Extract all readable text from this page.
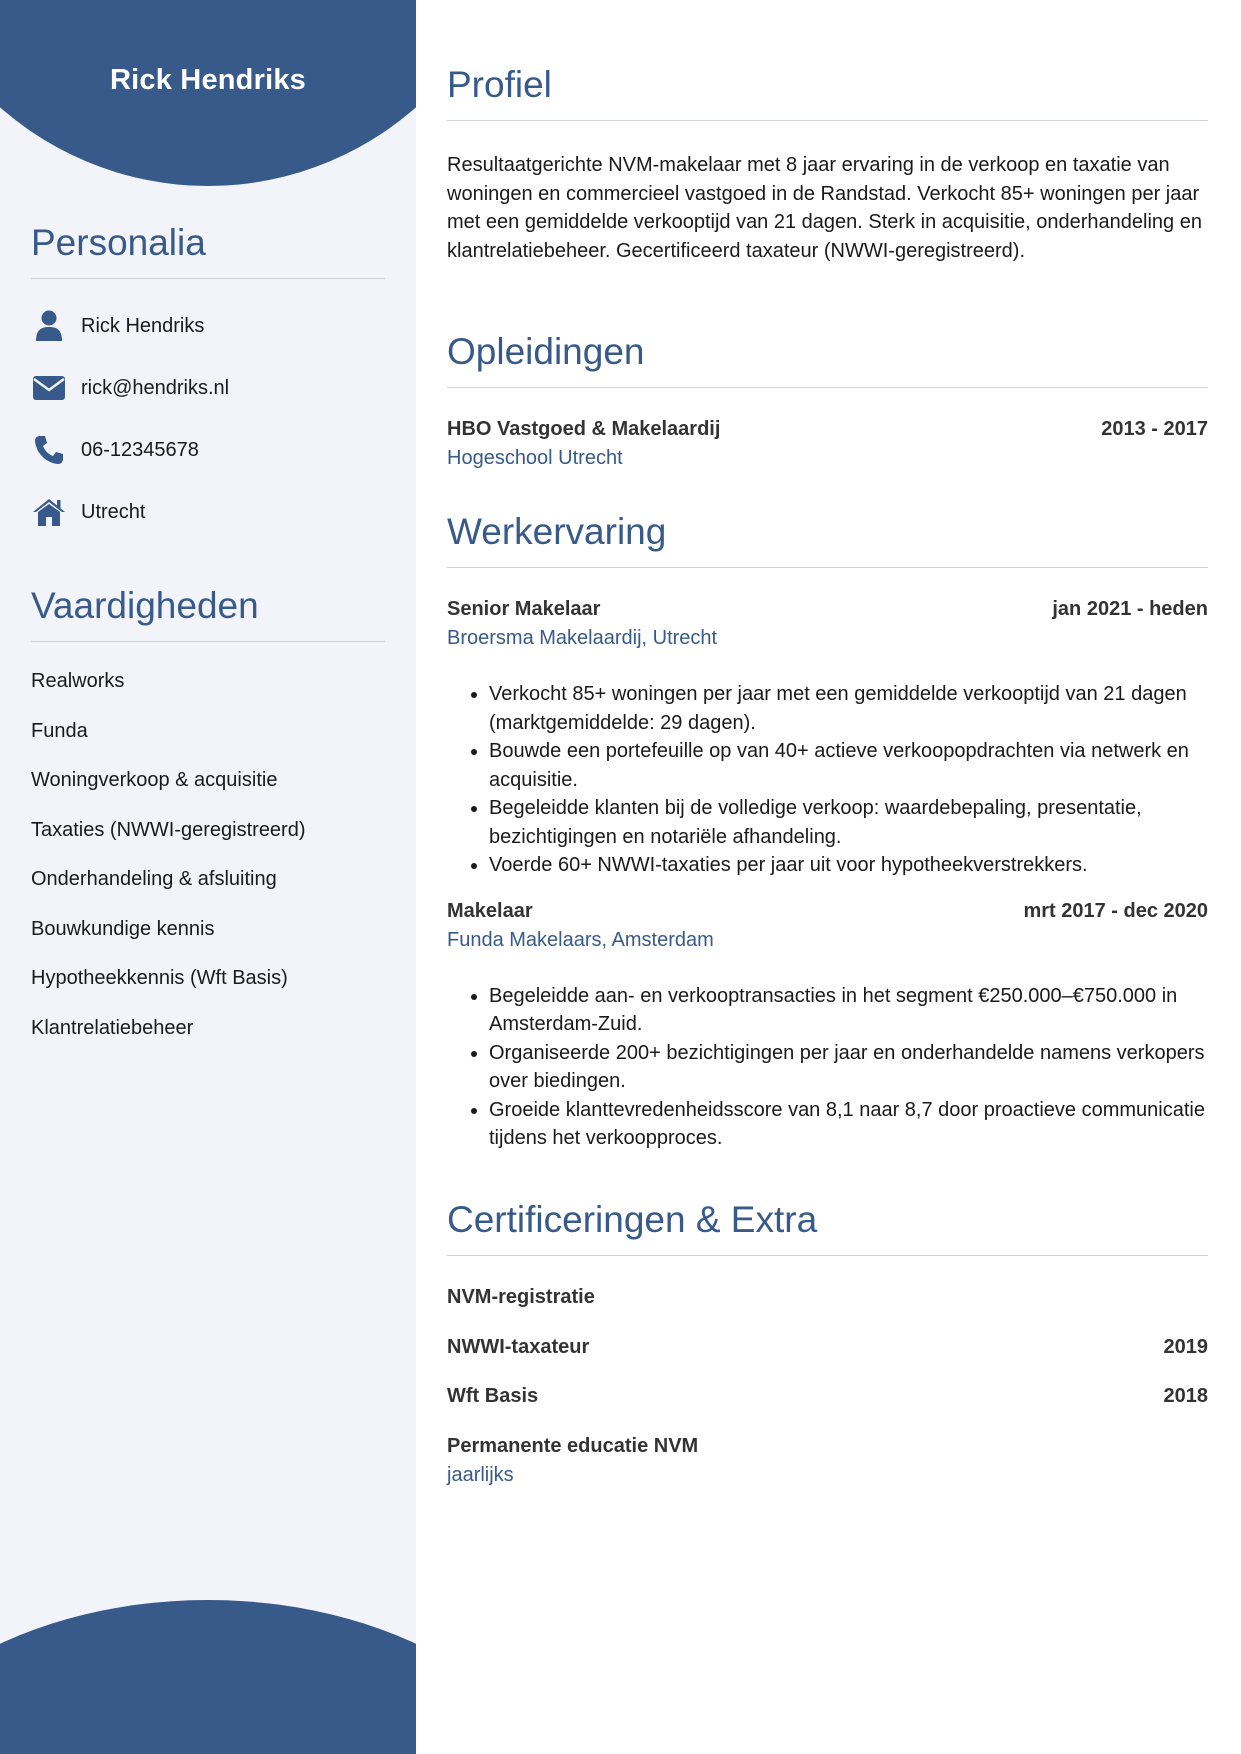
Rick Hendriks
Personalia
Rick Hendriks
rick@hendriks.nl
06-12345678
Utrecht
Vaardigheden
Realworks
Funda
Woningverkoop & acquisitie
Taxaties (NWWI-geregistreerd)
Onderhandeling & afsluiting
Bouwkundige kennis
Hypotheekkennis (Wft Basis)
Klantrelatiebeheer
Profiel

Resultaatgerichte NVM-makelaar met 8 jaar ervaring in de verkoop en taxatie van woningen en commercieel vastgoed in de Randstad. Verkocht 85+ woningen per jaar met een gemiddelde verkooptijd van 21 dagen. Sterk in acquisitie, onderhandeling en klantrelatiebeheer. Gecertificeerd taxateur (NWWI-geregistreerd).

Opleidingen
HBO Vastgoed & Makelaardij	2013 - 2017
Hogeschool Utrecht
Werkervaring
Senior Makelaar	jan 2021 - heden
Broersma Makelaardij, Utrecht
• Verkocht 85+ woningen per jaar met een gemiddelde verkooptijd van 21 dagen (marktgemiddelde: 29 dagen).
• Bouwde een portefeuille op van 40+ actieve verkoopopdrachten via netwerk en acquisitie.
• Begeleidde klanten bij de volledige verkoop: waardebepaling, presentatie, bezichtigingen en notariële afhandeling.
• Voerde 60+ NWWI-taxaties per jaar uit voor hypotheekverstrekkers.
Makelaar	mrt 2017 - dec 2020
Funda Makelaars, Amsterdam
• Begeleidde aan- en verkooptransacties in het segment €250.000–€750.000 in Amsterdam-Zuid.
• Organiseerde 200+ bezichtigingen per jaar en onderhandelde namens verkopers over biedingen.
• Groeide klanttevredenheidsscore van 8,1 naar 8,7 door proactieve communicatie tijdens het verkoopproces.
Certificeringen & Extra
NVM-registratie
NWWI-taxateur	2019
Wft Basis	2018
Permanente educatie NVM
jaarlijks
